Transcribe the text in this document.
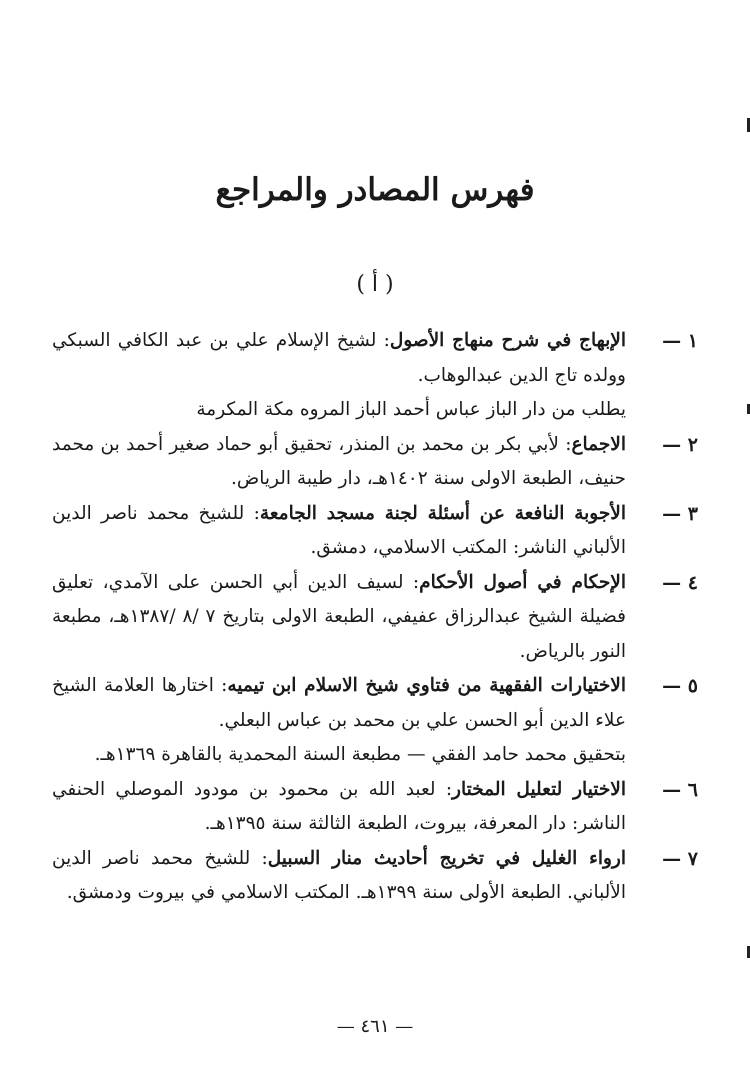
فهرس المصادر والمراجع
( أ )
١ —

الإبهاج في شرح منهاج الأصول: لشيخ الإسلام علي بن عبد الكافي السبكي وولده تاج الدين عبدالوهاب.

يطلب من دار الباز عباس أحمد الباز المروه مكة المكرمة

٢ —

الاجماع: لأبي بكر بن محمد بن المنذر، تحقيق أبو حماد صغير أحمد بن محمد حنيف، الطبعة الاولى سنة ١٤٠٢هـ، دار طيبة الرياض.

٣ —

الأجوبة النافعة عن أسئلة لجنة مسجد الجامعة: للشيخ محمد ناصر الدين الألباني الناشر: المكتب الاسلامي، دمشق.

٤ —

الإحكام في أصول الأحكام: لسيف الدين أبي الحسن على الآمدي، تعليق فضيلة الشيخ عبدالرزاق عفيفي، الطبعة الاولى بتاريخ ٧ /٨ /١٣٨٧هـ، مطبعة النور بالرياض.

٥ —

الاختيارات الفقهية من فتاوي شيخ الاسلام ابن تيميه: اختارها العلامة الشيخ علاء الدين أبو الحسن علي بن محمد بن عباس البعلي.

بتحقيق محمد حامد الفقي — مطبعة السنة المحمدية بالقاهرة ١٣٦٩هـ.

٦ —

الاختيار لتعليل المختار: لعبد الله بن محمود بن مودود الموصلي الحنفي الناشر: دار المعرفة، بيروت، الطبعة الثالثة سنة ١٣٩٥هـ.

٧ —

ارواء الغليل في تخريج أحاديث منار السبيل: للشيخ محمد ناصر الدين الألباني. الطبعة الأولى سنة ١٣٩٩هـ. المكتب الاسلامي في بيروت ودمشق.

— ٤٦١ —
